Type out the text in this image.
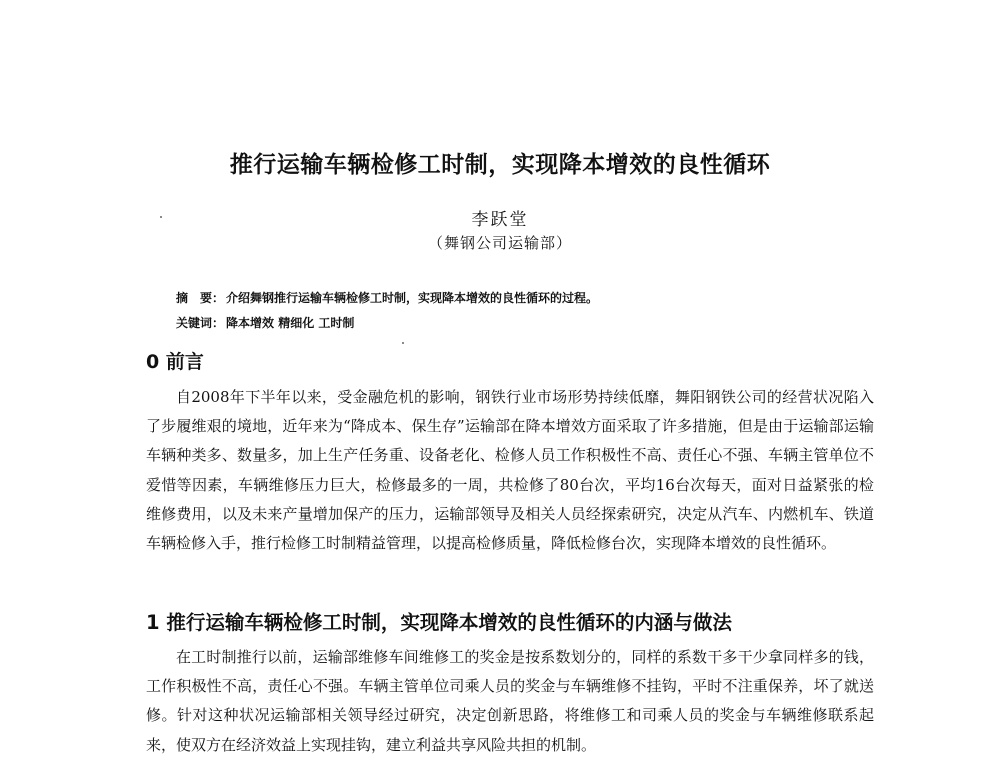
推行运输车辆检修工时制，实现降本增效的良性循环
李跃堂
（舞钢公司运输部）
摘　要： 介绍舞钢推行运输车辆检修工时制，实现降本增效的良性循环的过程。
关键词： 降本增效 精细化 工时制
0 前言
自2008年下半年以来，受金融危机的影响，钢铁行业市场形势持续低靡，舞阳钢铁公司的经营状况陷入了步履维艰的境地，近年来为“降成本、保生存”运输部在降本增效方面采取了许多措施，但是由于运输部运输车辆种类多、数量多，加上生产任务重、设备老化、检修人员工作积极性不高、责任心不强、车辆主管单位不爱惜等因素，车辆维修压力巨大，检修最多的一周，共检修了80台次，平均16台次每天，面对日益紧张的检维修费用，以及未来产量增加保产的压力，运输部领导及相关人员经探索研究，决定从汽车、内燃机车、铁道车辆检修入手，推行检修工时制精益管理，以提高检修质量，降低检修台次，实现降本增效的良性循环。
1 推行运输车辆检修工时制，实现降本增效的良性循环的内涵与做法
在工时制推行以前，运输部维修车间维修工的奖金是按系数划分的，同样的系数干多干少拿同样多的钱，工作积极性不高，责任心不强。车辆主管单位司乘人员的奖金与车辆维修不挂钩，平时不注重保养，坏了就送修。针对这种状况运输部相关领导经过研究，决定创新思路，将维修工和司乘人员的奖金与车辆维修联系起来，使双方在经济效益上实现挂钩，建立利益共享风险共担的机制。
